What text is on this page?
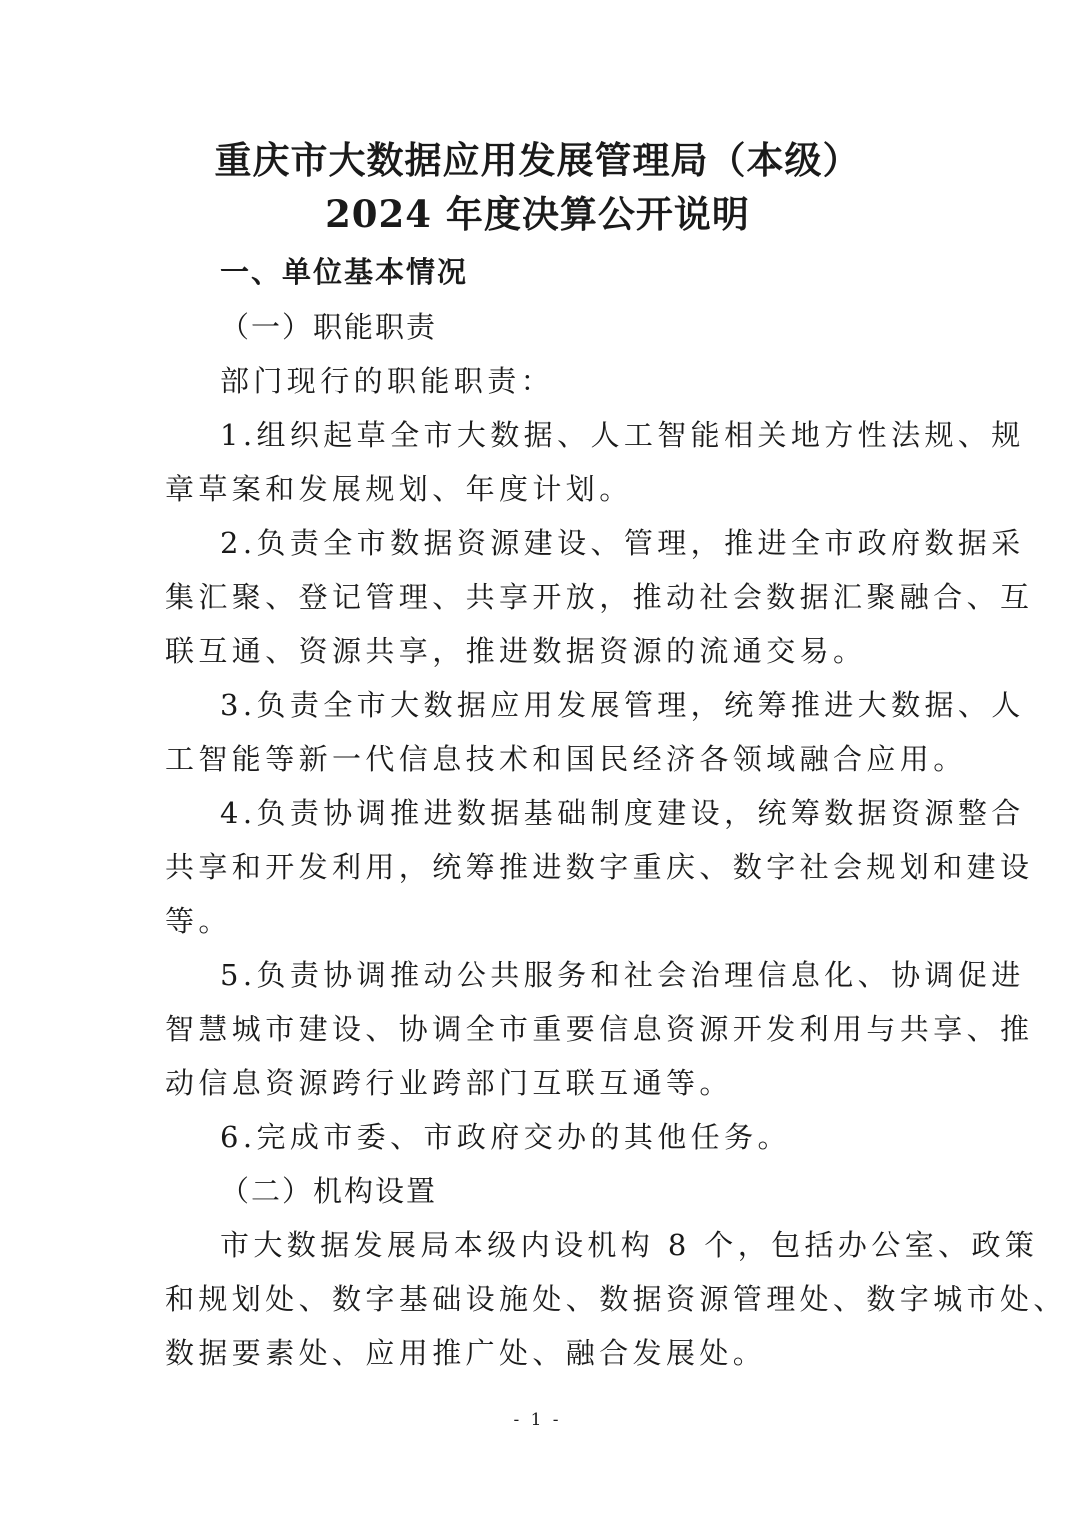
重庆市大数据应用发展管理局（本级）
2024 年度决算公开说明
一、单位基本情况
（一）职能职责
部门现行的职能职责：
1.组织起草全市大数据、人工智能相关地方性法规、规
章草案和发展规划、年度计划。
2.负责全市数据资源建设、管理，推进全市政府数据采
集汇聚、登记管理、共享开放，推动社会数据汇聚融合、互
联互通、资源共享，推进数据资源的流通交易。
3.负责全市大数据应用发展管理，统筹推进大数据、人
工智能等新一代信息技术和国民经济各领域融合应用。
4.负责协调推进数据基础制度建设，统筹数据资源整合
共享和开发利用，统筹推进数字重庆、数字社会规划和建设
等。
5.负责协调推动公共服务和社会治理信息化、协调促进
智慧城市建设、协调全市重要信息资源开发利用与共享、推
动信息资源跨行业跨部门互联互通等。
6.完成市委、市政府交办的其他任务。
（二）机构设置
市大数据发展局本级内设机构 8 个，包括办公室、政策
和规划处、数字基础设施处、数据资源管理处、数字城市处、
数据要素处、应用推广处、融合发展处。
- 1 -
